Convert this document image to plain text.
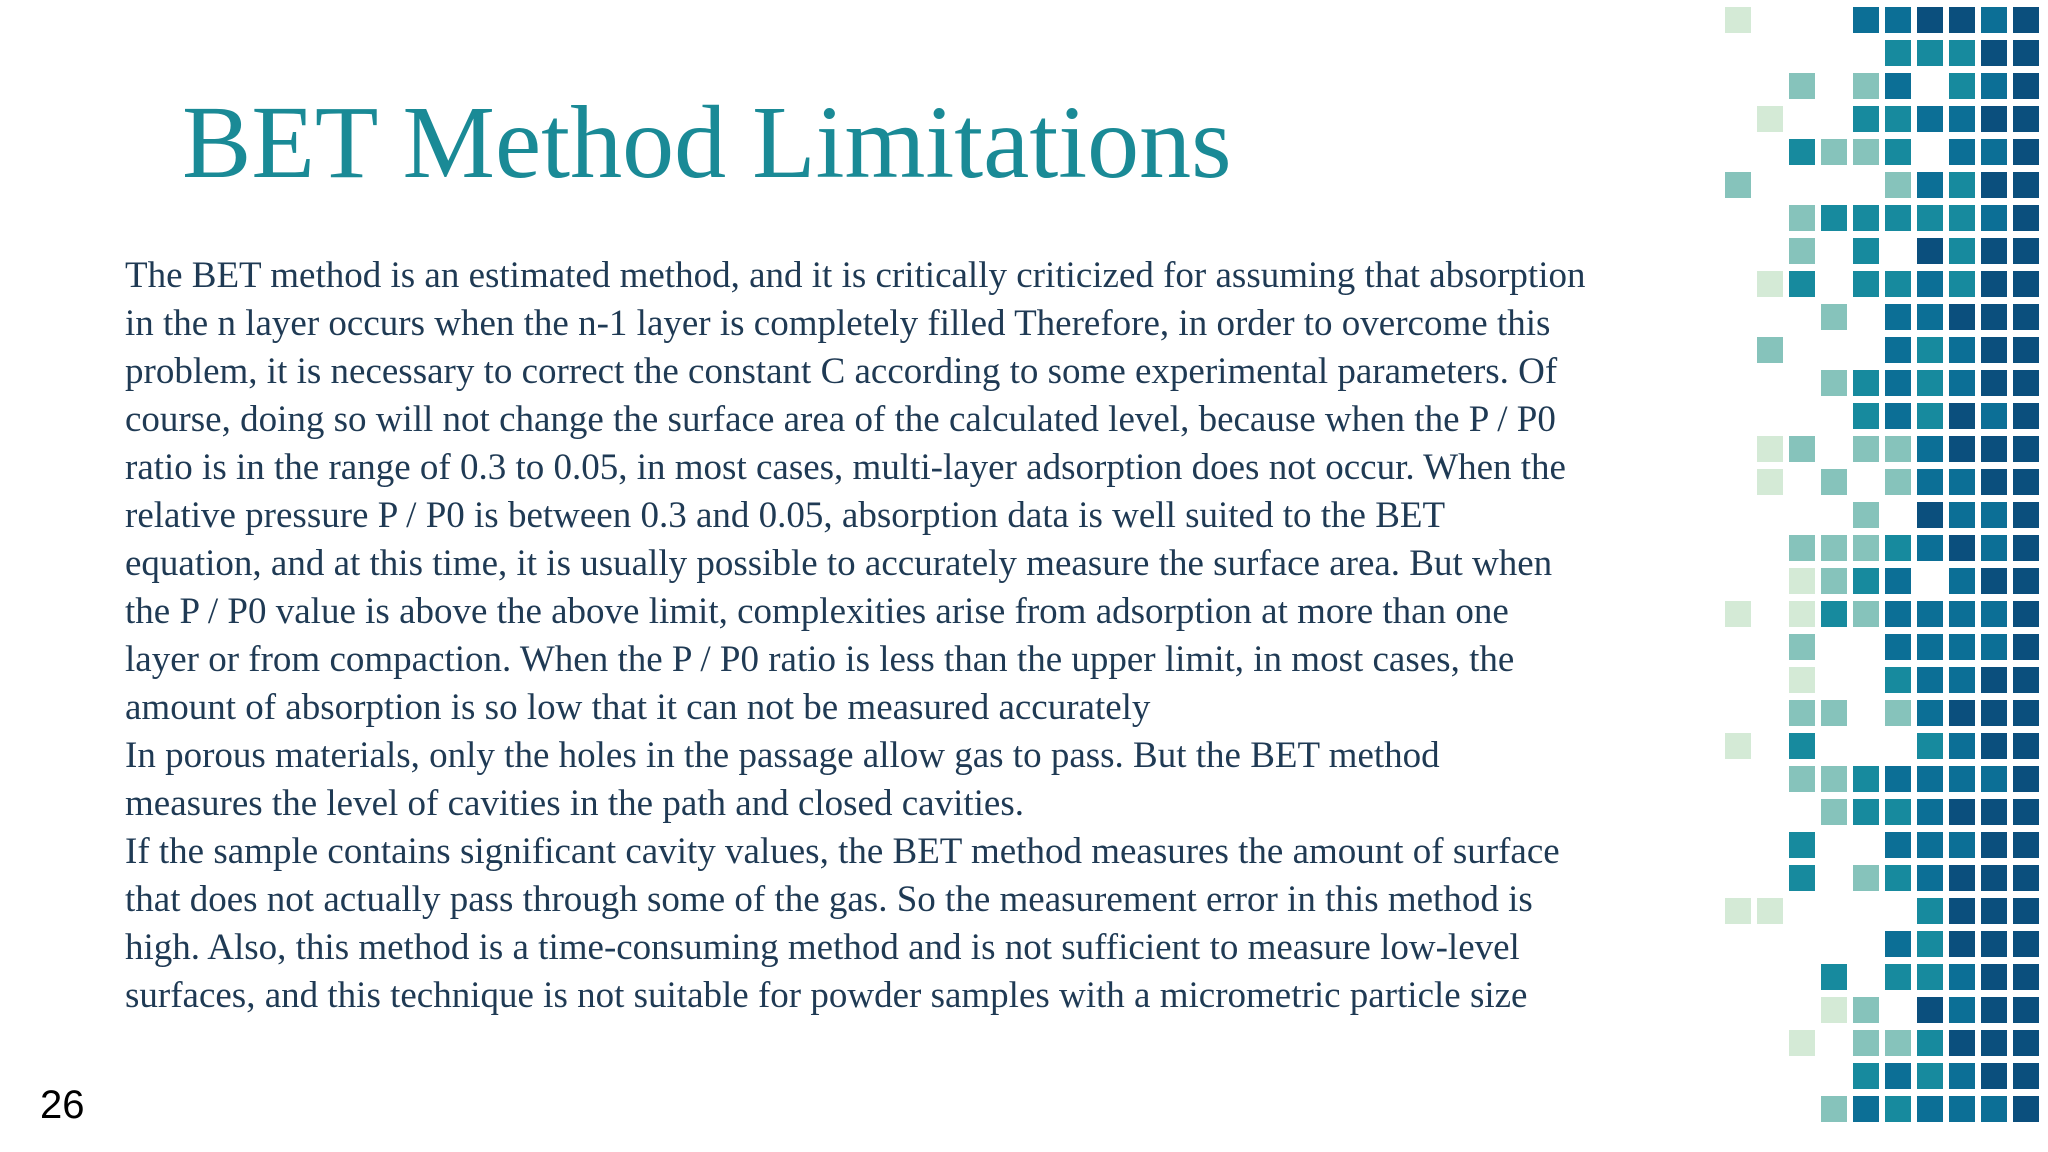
BET Method Limitations
The BET method is an estimated method, and it is critically criticized for assuming that absorption
in the n layer occurs when the n-1 layer is completely filled Therefore, in order to overcome this
problem, it is necessary to correct the constant C according to some experimental parameters. Of
course, doing so will not change the surface area of the calculated level, because when the P / P0
ratio is in the range of 0.3 to 0.05, in most cases, multi-layer adsorption does not occur. When the
relative pressure P / P0 is between 0.3 and 0.05, absorption data is well suited to the BET
equation, and at this time, it is usually possible to accurately measure the surface area. But when
the P / P0 value is above the above limit, complexities arise from adsorption at more than one
layer or from compaction. When the P / P0 ratio is less than the upper limit, in most cases, the
amount of absorption is so low that it can not be measured accurately
In porous materials, only the holes in the passage allow gas to pass. But the BET method
measures the level of cavities in the path and closed cavities.
If the sample contains significant cavity values, the BET method measures the amount of surface
that does not actually pass through some of the gas. So the measurement error in this method is
high. Also, this method is a time-consuming method and is not sufficient to measure low-level
surfaces, and this technique is not suitable for powder samples with a micrometric particle size
26
